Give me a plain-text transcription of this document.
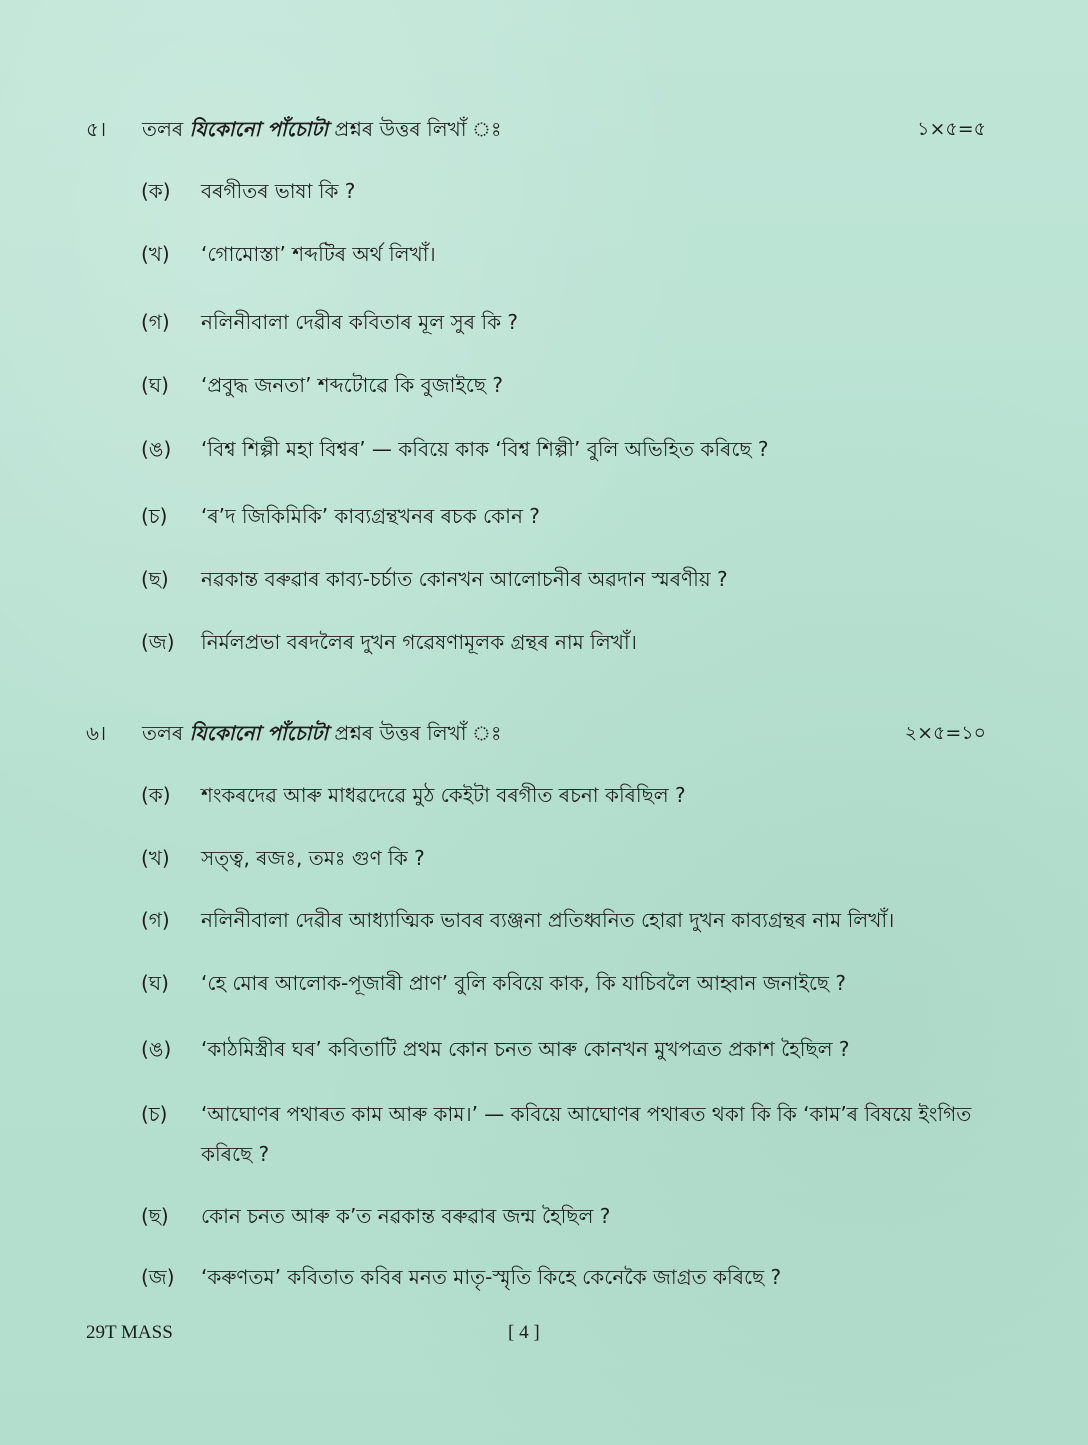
৫। তলৰ যিকোনো পাঁচোটা প্ৰশ্নৰ উত্তৰ লিখাঁ ঃ	১×৫=৫
(ক)	বৰগীতৰ ভাষা কি ?
(খ)	‘গোমোস্তা’ শব্দটিৰ অৰ্থ লিখাঁ।
(গ)	নলিনীবালা দেৱীৰ কবিতাৰ মূল সুৰ কি ?
(ঘ)	‘প্ৰবুদ্ধ জনতা’ শব্দটোৱে কি বুজাইছে ?
(ঙ)	‘বিশ্ব শিল্পী মহা বিশ্বৰ’ — কবিয়ে কাক ‘বিশ্ব শিল্পী’ বুলি অভিহিত কৰিছে ?
(চ)	‘ৰ’দ জিকিমিকি’ কাব্যগ্ৰন্থখনৰ ৰচক কোন ?
(ছ)	নৱকান্ত বৰুৱাৰ কাব্য-চৰ্চাত কোনখন আলোচনীৰ অৱদান স্মৰণীয় ?
(জ)	নিৰ্মলপ্ৰভা বৰদলৈৰ দুখন গৱেষণামূলক গ্ৰন্থৰ নাম লিখাঁ।
৬। তলৰ যিকোনো পাঁচোটা প্ৰশ্নৰ উত্তৰ লিখাঁ ঃ	২×৫=১০
(ক)	শংকৰদেৱ আৰু মাধৱদেৱে মুঠ কেইটা বৰগীত ৰচনা কৰিছিল ?
(খ)	সত্ত্ব, ৰজঃ, তমঃ গুণ কি ?
(গ)	নলিনীবালা দেৱীৰ আধ্যাত্মিক ভাবৰ ব্যঞ্জনা প্ৰতিধ্বনিত হোৱা দুখন কাব্যগ্ৰন্থৰ নাম লিখাঁ।
(ঘ)	‘হে মোৰ আলোক-পূজাৰী প্ৰাণ’ বুলি কবিয়ে কাক, কি যাচিবলৈ আহ্বান জনাইছে ?
(ঙ)	‘কাঠমিস্ত্ৰীৰ ঘৰ’ কবিতাটি প্ৰথম কোন চনত আৰু কোনখন মুখপত্ৰত প্ৰকাশ হৈছিল ?
(চ)	‘আঘোণৰ পথাৰত কাম আৰু কাম।’ — কবিয়ে আঘোণৰ পথাৰত থকা কি কি ‘কাম’ৰ বিষয়ে ইংগিত কৰিছে ?
(ছ)	কোন চনত আৰু ক’ত নৱকান্ত বৰুৱাৰ জন্ম হৈছিল ?
(জ)	‘কৰুণতম’ কবিতাত কবিৰ মনত মাতৃ-স্মৃতি কিহে কেনেকৈ জাগ্ৰত কৰিছে ?
29T MASS	[ 4 ]
